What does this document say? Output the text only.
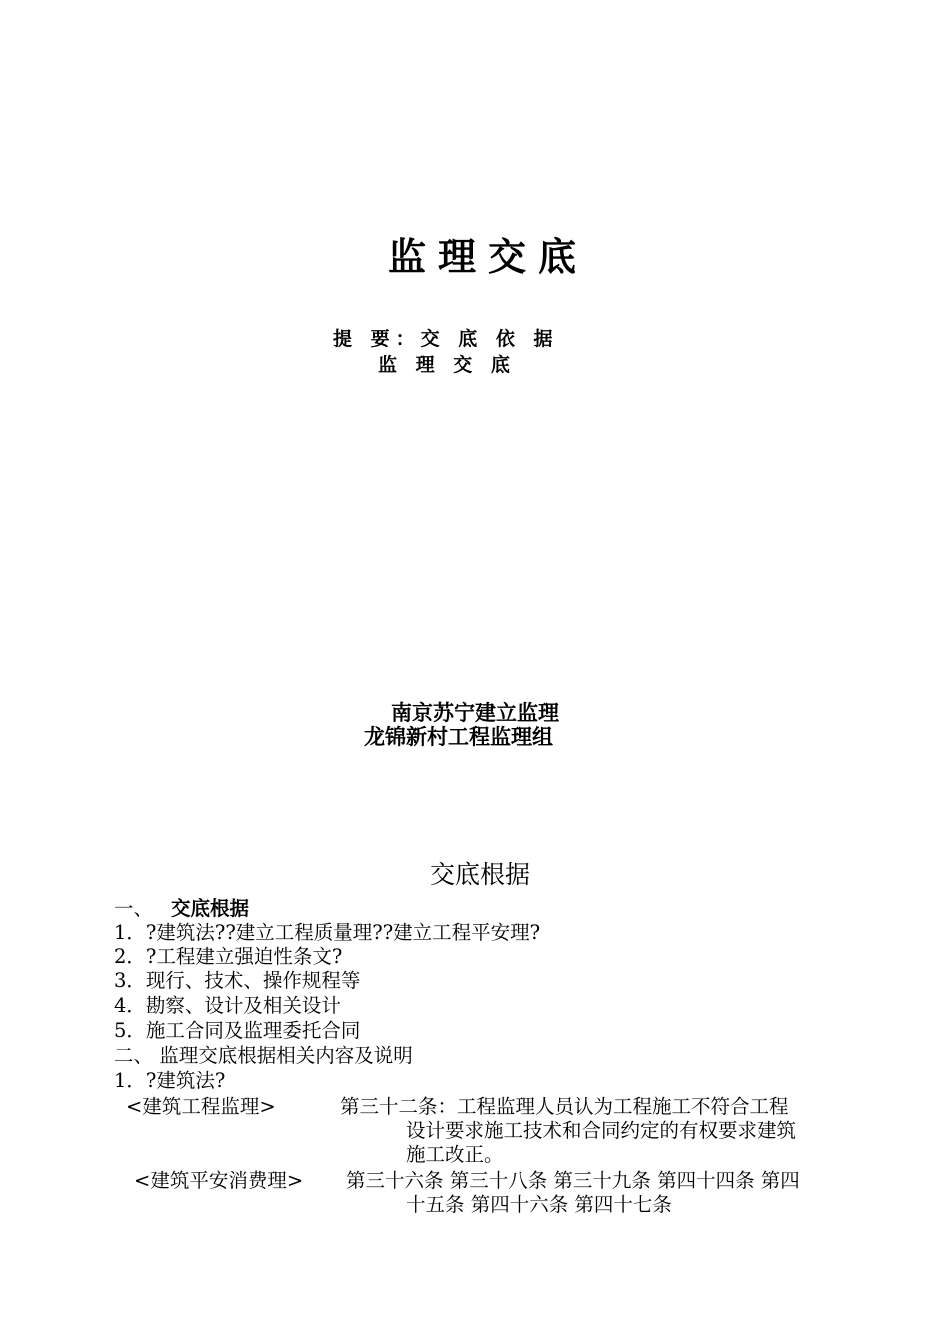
监理交底
提 要：交 底 依 据
监 理 交 底
南京苏宁建立监理
龙锦新村工程监理组
交底根据
一、 交底根据
1．?建筑法??建立工程质量理??建立工程平安理?
2．?工程建立强迫性条文?
3．现行、技术、操作规程等
4．勘察、设计及相关设计
5．施工合同及监理委托合同
二、 监理交底根据相关内容及说明
1．?建筑法?
<建筑工程监理>	第三十二条：工程监理人员认为工程施工不符合工程
设计要求施工技术和合同约定的有权要求建筑
施工改正。
<建筑平安消费理> 第三十六条 第三十八条 第三十九条 第四十四条 第四
十五条 第四十六条 第四十七条
